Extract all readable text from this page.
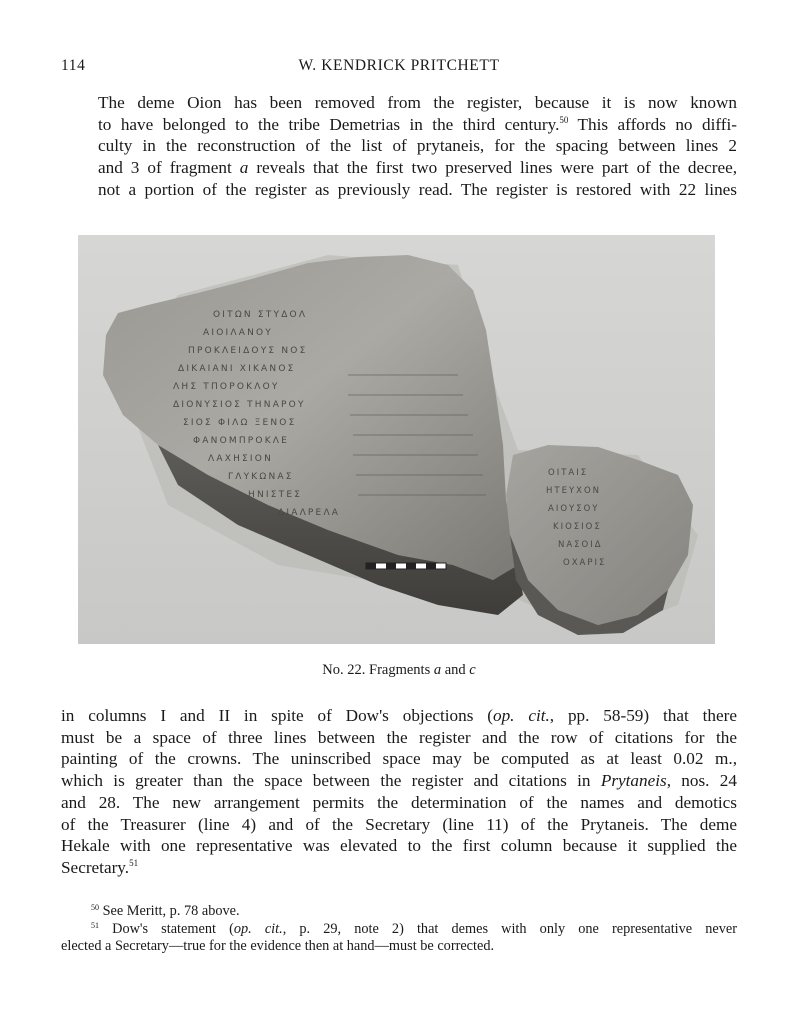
114	W. KENDRICK PRITCHETT
The deme Oion has been removed from the register, because it is now known
to have belonged to the tribe Demetrias in the third century.$^{50}$ This affords no diffi-
culty in the reconstruction of the list of prytaneis, for the spacing between lines 2
and 3 of fragment a reveals that the first two preserved lines were part of the decree,
not a portion of the register as previously read. The register is restored with 22 lines
ΟΙΤΩΝ ΣΤΥΔΟΛ
ΑΙΟΙΛΑΝΟΥ
ΠΡΟΚΛΕΙΔΟΥΣ ΝΟΣ
ΔΙΚΑΙΑΝΙ ΧΙΚΑΝΟΣ
ΛΗΣ ΤΠΟΡΟΚΛΟΥ
ΔΙΟΝΥΣΙΟΣ ΤΗΝΑΡΟΥ
ΣΙΟΣ ΦΙΛΩ ΞΕΝΟΣ
ΦΑΝΟΜΠΡΟΚΛΕ
ΛΑΧΗΣΙΟΝ
ΓΛΥΚΩΝΑΣ
ΗΝΙΣΤΕΣ
ΔΙΑΛΡΕΛΑ
ΟΙΤΑΙΣ
ΗΤΕΥΧΟΝ
ΑΙΟΥΣΟΥ
ΚΙΟΣΙΟΣ
ΝΑΣΟΙΔ
ΟΧΑΡΙΣ
No. 22. Fragments a and c
in columns I and II in spite of Dow's objections (op. cit., pp. 58-59) that there
must be a space of three lines between the register and the row of citations for the
painting of the crowns. The uninscribed space may be computed as at least 0.02 m.,
which is greater than the space between the register and citations in Prytaneis, nos. 24
and 28. The new arrangement permits the determination of the names and demotics
of the Treasurer (line 4) and of the Secretary (line 11) of the Prytaneis. The deme
Hekale with one representative was elevated to the first column because it supplied the
Secretary.$^{51}$
$^{50}$ See Meritt, p. 78 above.
$^{51}$ Dow's statement (op. cit., p. 29, note 2) that demes with only one representative never
elected a Secretary—true for the evidence then at hand—must be corrected.
